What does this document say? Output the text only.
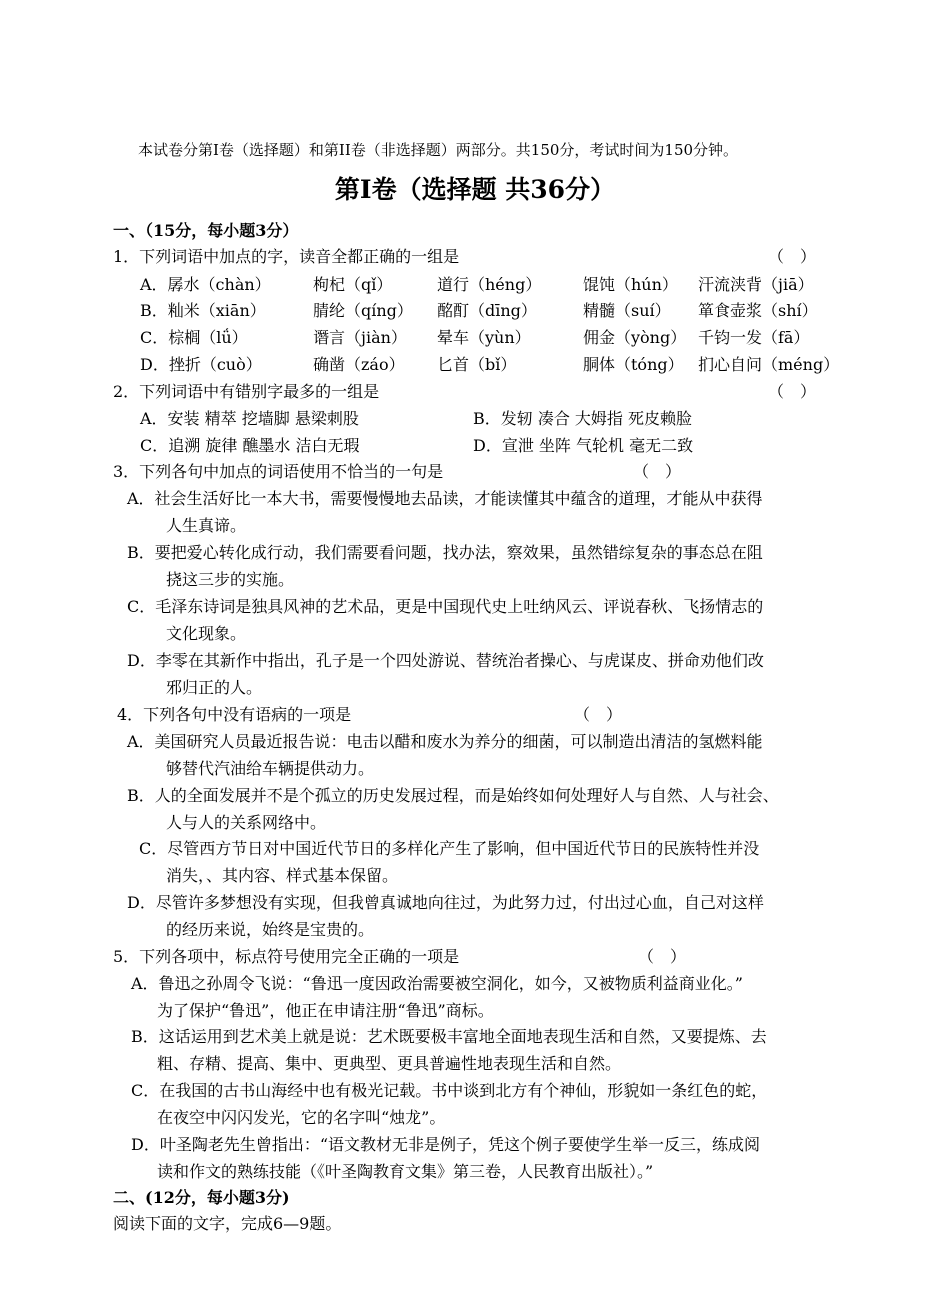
本试卷分第I卷（选择题）和第II卷（非选择题）两部分。共150分，考试时间为150分钟。
第I卷（选择题 共36分）
一、（15分，每小题3分）
1．下列词语中加点的字，读音全都正确的一组是	（　）
A．孱水（chàn）	枸杞（qǐ）	道行（héng）	馄饨（hún） 汗流浃背（jiā）
B．籼米（xiān）	腈纶（qíng） 酩酊（dīng）	精髓（suí） 箪食壶浆（shí）
C．棕榈（lǘ）	谮言（jiàn） 晕车（yùn）	佣金（yòng） 千钧一发（fā）
D．挫折（cuò）	确凿（záo） 匕首（bǐ）	胴体（tóng） 扪心自问（méng）
2．下列词语中有错别字最多的一组是	（　）
A．安装 精萃 挖墙脚 悬梁刺股	B．发轫 凑合 大姆指 死皮赖脸
C．追溯 旋律 醮墨水 洁白无瑕	D．宣泄 坐阵 气轮机 毫无二致
3．下列各句中加点的词语使用不恰当的一句是	（　）
A．社会生活好比一本大书，需要慢慢地去品读，才能读懂其中蕴含的道理，才能从中获得
人生真谛。
B．要把爱心转化成行动，我们需要看问题，找办法，察效果，虽然错综复杂的事态总在阻
挠这三步的实施。
C．毛泽东诗词是独具风神的艺术品，更是中国现代史上吐纳风云、评说春秋、飞扬情志的
文化现象。
D．李零在其新作中指出，孔子是一个四处游说、替统治者操心、与虎谋皮、拼命劝他们改
邪归正的人。
4．下列各句中没有语病的一项是	（　）
A．美国研究人员最近报告说：电击以醋和废水为养分的细菌，可以制造出清洁的氢燃料能
够替代汽油给车辆提供动力。
B．人的全面发展并不是个孤立的历史发展过程，而是始终如何处理好人与自然、人与社会、
人与人的关系网络中。
C．尽管西方节日对中国近代节日的多样化产生了影响，但中国近代节日的民族特性并没
消失，、其内容、样式基本保留。
D．尽管许多梦想没有实现，但我曾真诚地向往过，为此努力过，付出过心血，自己对这样
的经历来说，始终是宝贵的。
5．下列各项中，标点符号使用完全正确的一项是	（　）
A．鲁迅之孙周令飞说：“鲁迅一度因政治需要被空洞化，如今，又被物质利益商业化。”
为了保护“鲁迅”，他正在申请注册“鲁迅”商标。
B．这话运用到艺术美上就是说：艺术既要极丰富地全面地表现生活和自然，又要提炼、去
粗、存精、提高、集中、更典型、更具普遍性地表现生活和自然。
C．在我国的古书山海经中也有极光记载。书中谈到北方有个神仙，形貌如一条红色的蛇，
在夜空中闪闪发光，它的名字叫“烛龙”。
D．叶圣陶老先生曾指出：“语文教材无非是例子，凭这个例子要使学生举一反三，练成阅
读和作文的熟练技能（《叶圣陶教育文集》第三卷，人民教育出版社）。”
二、(12分，每小题3分)
阅读下面的文字，完成6—9题。
